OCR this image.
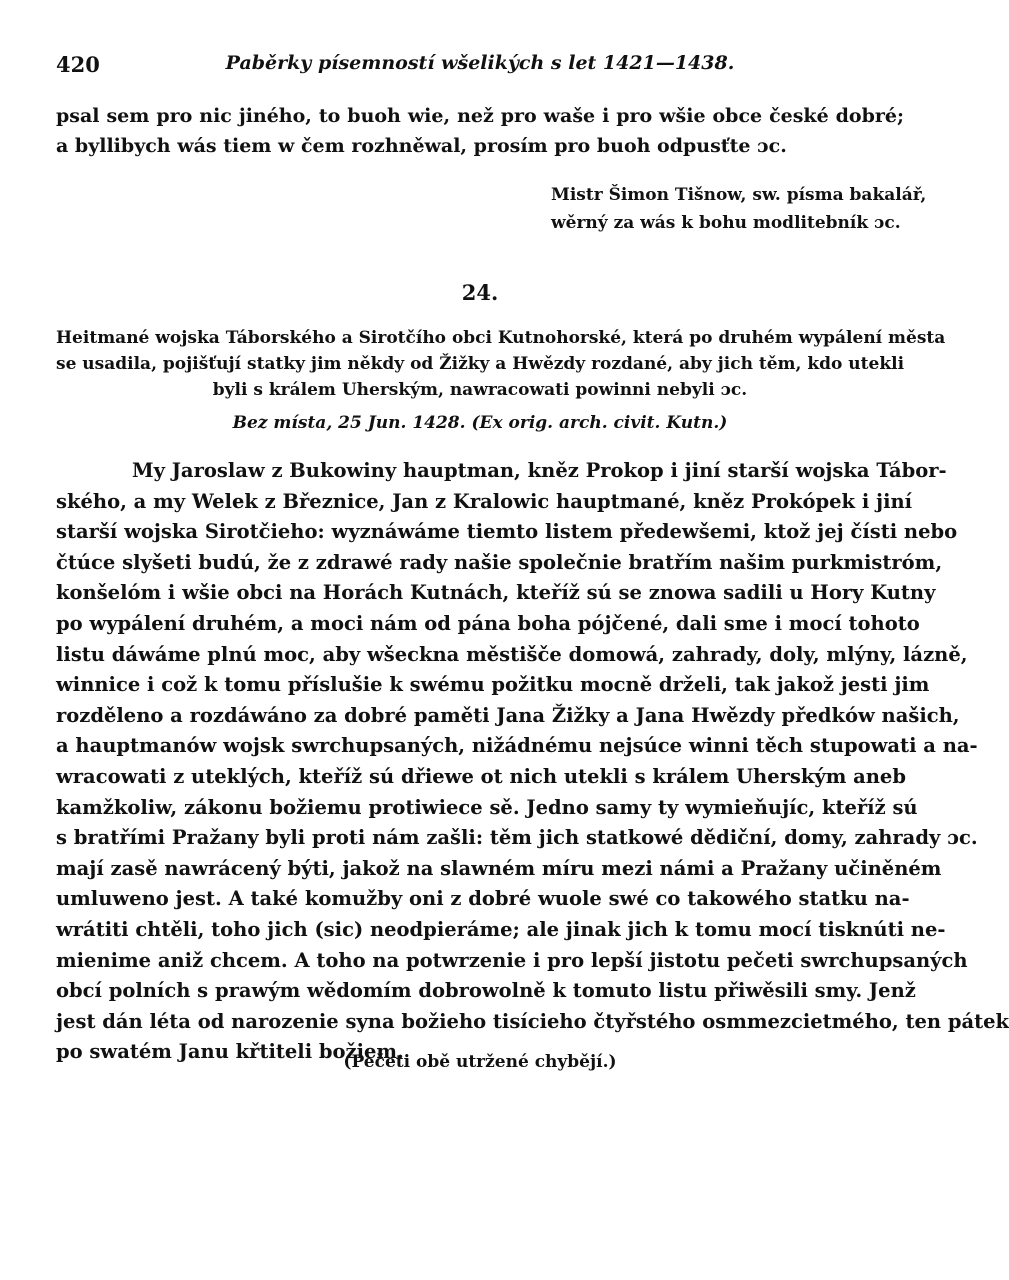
420	Paběrky písemností wšelikých s let 1421—1438.
psal sem pro nic jiného, to buoh wie, než pro waše i pro wšie obce české dobré;
a byllibych wás tiem w čem rozhněwal, prosím pro buoh odpusťte ɔc.
Mistr Šimon Tišnow, sw. písma bakalář,
wěrný za wás k bohu modlitebník ɔc.
24.
Heitmané wojska Táborského a Sirotčího obci Kutnohorské, která po druhém wypálení města
se usadila, pojišťují statky jim někdy od Žižky a Hwězdy rozdané, aby jich těm, kdo utekli
byli s králem Uherským, nawracowati powinni nebyli ɔc.
Bez místa, 25 Jun. 1428. (Ex orig. arch. civit. Kutn.)
My Jaroslaw z Bukowiny hauptman, kněz Prokop i jiní starší wojska Tábor-
ského, a my Welek z Březnice, Jan z Kralowic hauptmané, kněz Prokópek i jiní
starší wojska Sirotčieho: wyznáwáme tiemto listem předewšemi, ktož jej čísti nebo
čtúce slyšeti budú, že z zdrawé rady našie společnie bratřím našim purkmistróm,
konšelóm i wšie obci na Horách Kutnách, kteříž sú se znowa sadili u Hory Kutny
po wypálení druhém, a moci nám od pána boha pójčené, dali sme i mocí tohoto
listu dáwáme plnú moc, aby wšeckna městišče domowá, zahrady, doly, mlýny, lázně,
winnice i což k tomu příslušie k swému požitku mocně drželi, tak jakož jesti jim
rozděleno a rozdáwáno za dobré paměti Jana Žižky a Jana Hwězdy předków našich,
a hauptmanów wojsk swrchupsaných, nižádnému nejsúce winni těch stupowati a na-
wracowati z uteklých, kteříž sú dřiewe ot nich utekli s králem Uherským aneb
kamžkoliw, zákonu božiemu protiwiece sě. Jedno samy ty wymieňujíc, kteříž sú
s bratřími Pražany byli proti nám zašli: těm jich statkowé dědiční, domy, zahrady ɔc.
mají zasě nawrácený býti, jakož na slawném míru mezi námi a Pražany učiněném
umluweno jest. A také komužby oni z dobré wuole swé co takowého statku na-
wrátiti chtěli, toho jich (sic) neodpieráme; ale jinak jich k tomu mocí tisknúti ne-
mienime aniž chcem. A toho na potwrzenie i pro lepší jistotu pečeti swrchupsaných
obcí polních s prawým wědomím dobrowolně k tomuto listu přiwěsili smy. Jenž
jest dán léta od narozenie syna božieho tisícieho čtyřstého osmmezcietmého, ten pátek
po swatém Janu křtiteli božiem.
(Pečeti obě utržené chybějí.)
